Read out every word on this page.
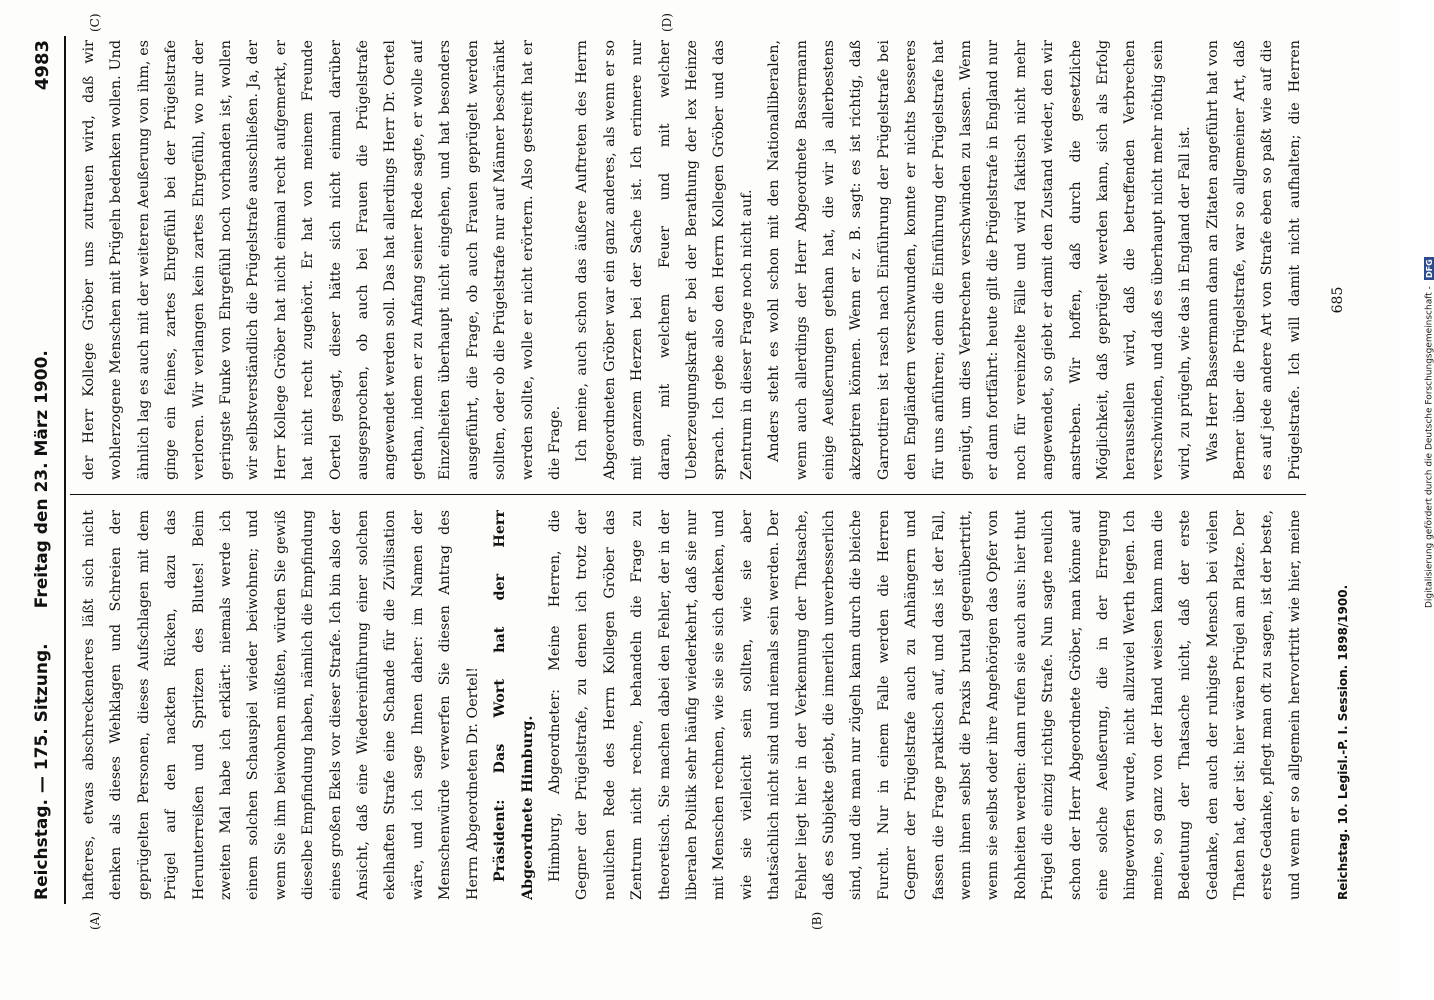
Reichstag. — 175. Sitzung.
Freitag den 23. März 1900.
4983
(A)	(B)
(C)	(D)

hafteres, etwas abschreckenderes läßt sich nicht denken als dieses Wehklagen und Schreien der geprügelten Personen, dieses Aufschlagen mit dem Prügel auf den nackten Rücken, dazu das Herunterreißen und Spritzen des Blutes! Beim zweiten Mal habe ich erklärt: niemals werde ich einem solchen Schauspiel wieder beiwohnen; und wenn Sie ihm beiwohnen müßten, würden Sie gewiß dieselbe Empfindung haben, nämlich die Empfindung eines großen Ekels vor dieser Strafe. Ich bin also der Ansicht, daß eine Wiedereinführung einer solchen ekelhaften Strafe eine Schande für die Zivilisation wäre, und ich sage Ihnen daher: im Namen der Menschenwürde verwerfen Sie diesen Antrag des Herrn Abgeordneten Dr. Oertel! Präsident: Das Wort hat der Herr Abgeordnete Himburg. Himburg, Abgeordneter: Meine Herren, die Gegner der Prügelstrafe, zu denen ich trotz der neulichen Rede des Herrn Kollegen Gröber das Zentrum nicht rechne, behandeln die Frage zu theoretisch. Sie machen dabei den Fehler, der in der liberalen Politik sehr häufig wiederkehrt, daß sie nur mit Menschen rechnen, wie sie sie sich denken, und wie sie vielleicht sein sollten, wie sie aber thatsächlich nicht sind und niemals sein werden. Der Fehler liegt hier in der Verkennung der Thatsache, daß es Subjekte giebt, die innerlich unverbesserlich sind, und die man nur zügeln kann durch die bleiche Furcht. Nur in einem Falle werden die Herren Gegner der Prügelstrafe auch zu Anhängern und fassen die Frage praktisch auf, und das ist der Fall, wenn ihnen selbst die Praxis brutal gegenübertritt, wenn sie selbst oder ihre Angehörigen das Opfer von Rohheiten werden: dann rufen sie auch aus: hier thut Prügel die einzig richtige Strafe. Nun sagte neulich schon der Herr Abgeordnete Gröber, man könne auf eine solche Aeußerung, die in der Erregung hingeworfen wurde, nicht allzuviel Werth legen. Ich meine, so ganz von der Hand weisen kann man die Bedeutung der Thatsache nicht, daß der erste Gedanke, den auch der ruhigste Mensch bei vielen Thaten hat, der ist: hier wären Prügel am Platze. Der erste Gedanke, pflegt man oft zu sagen, ist der beste, und wenn er so allgemein hervortritt wie hier, meine

der Herr Kollege Gröber uns zutrauen wird, daß wir wohlerzogene Menschen mit Prügeln bedenken wollen. Und ähnlich lag es auch mit der weiteren Aeußerung von ihm, es ginge ein feines, zartes Ehrgefühl bei der Prügelstrafe verloren. Wir verlangen kein zartes Ehrgefühl, wo nur der geringste Funke von Ehrgefühl noch vorhanden ist, wollen wir selbstverständlich die Prügelstrafe ausschließen. Ja, der Herr Kollege Gröber hat nicht einmal recht aufgemerkt, er hat nicht recht zugehört. Er hat von meinem Freunde Oertel gesagt, dieser hätte sich nicht einmal darüber ausgesprochen, ob auch bei Frauen die Prügelstrafe angewendet werden soll. Das hat allerdings Herr Dr. Oertel gethan, indem er zu Anfang seiner Rede sagte, er wolle auf Einzelheiten überhaupt nicht eingehen, und hat besonders ausgeführt, die Frage, ob auch Frauen geprügelt werden sollten, oder ob die Prügelstrafe nur auf Männer beschränkt werden sollte, wolle er nicht erörtern. Also gestreift hat er die Frage. Ich meine, auch schon das äußere Auftreten des Herrn Abgeordneten Gröber war ein ganz anderes, als wenn er so mit ganzem Herzen bei der Sache ist. Ich erinnere nur daran, mit welchem Feuer und mit welcher Ueberzeugungskraft er bei der Berathung der lex Heinze sprach. Ich gebe also den Herrn Kollegen Gröber und das Zentrum in dieser Frage noch nicht auf. Anders steht es wohl schon mit den Nationalliberalen, wenn auch allerdings der Herr Abgeordnete Bassermann einige Aeußerungen gethan hat, die wir ja allerbestens akzeptiren können. Wenn er z. B. sagt: es ist richtig, daß Garrottiren ist rasch nach Einführung der Prügelstrafe bei den Engländern verschwunden, konnte er nichts besseres für uns anführen; denn die Einführung der Prügelstrafe hat genügt, um dies Verbrechen verschwinden zu lassen. Wenn er dann fortfährt: heute gilt die Prügelstrafe in England nur noch für vereinzelte Fälle und wird faktisch nicht mehr angewendet, so giebt er damit den Zustand wieder, den wir anstreben. Wir hoffen, daß durch die gesetzliche Möglichkeit, daß geprügelt werden kann, sich als Erfolg herausstellen wird, daß die betreffenden Verbrechen verschwinden, und daß es überhaupt nicht mehr nöthig sein wird, zu prügeln, wie das in England der Fall ist. Was Herr Bassermann dann an Zitaten angeführt hat von Berner über die Prügelstrafe, war so allgemeiner Art, daß es auf jede andere Art von Strafe eben so paßt wie auf die Prügelstrafe. Ich will damit nicht aufhalten; die Herren

Reichstag. 10. Legisl.-P. I. Session. 1898/1900.
685	Digitalisierung gefördert durch die Deutsche Forschungsgemeinschaft -
DFG
